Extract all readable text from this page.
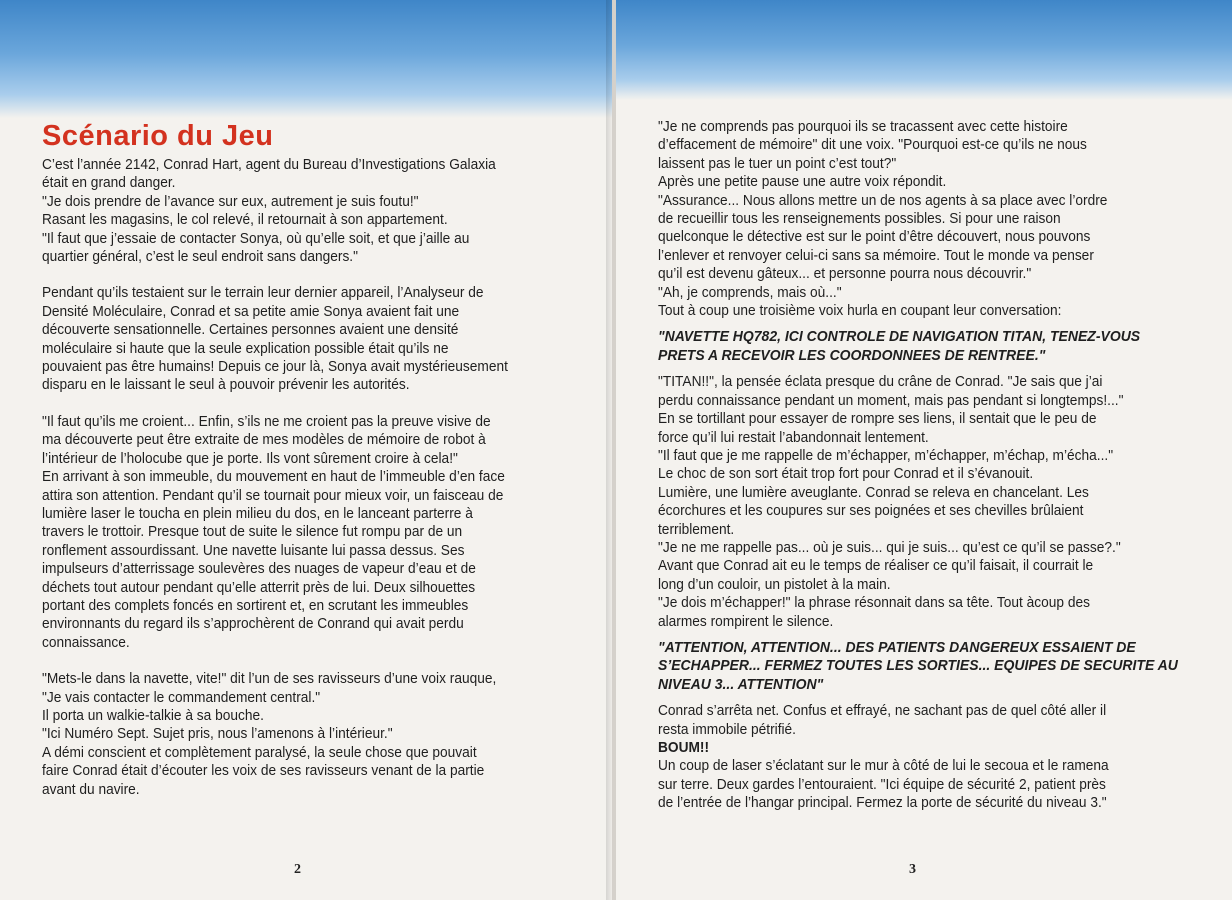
Scénario du Jeu

C’est l’année 2142, Conrad Hart, agent du Bureau d’Investigations Galaxia

était en grand danger.

"Je dois prendre de l’avance sur eux, autrement je suis foutu!"

Rasant les magasins, le col relevé, il retournait à son appartement.

"Il faut que j’essaie de contacter Sonya, où qu’elle soit, et que j’aille au

quartier général, c’est le seul endroit sans dangers."

Pendant qu’ils testaient sur le terrain leur dernier appareil, l’Analyseur de

Densité Moléculaire, Conrad et sa petite amie Sonya avaient fait une

découverte sensationnelle. Certaines personnes avaient une densité

moléculaire si haute que la seule explication possible était qu’ils ne

pouvaient pas être humains! Depuis ce jour là, Sonya avait mystérieusement

disparu en le laissant le seul à pouvoir prévenir les autorités.

"Il faut qu’ils me croient... Enfin, s’ils ne me croient pas la preuve visive de

ma découverte peut être extraite de mes modèles de mémoire de robot à

l’intérieur de l’holocube que je porte. Ils vont sûrement croire à cela!"

En arrivant à son immeuble, du mouvement en haut de l’immeuble d’en face

attira son attention. Pendant qu’il se tournait pour mieux voir, un faisceau de

lumière laser le toucha en plein milieu du dos, en le lanceant parterre à

travers le trottoir. Presque tout de suite le silence fut rompu par de un

ronflement assourdissant. Une navette luisante lui passa dessus. Ses

impulseurs d’atterrissage soulevères des nuages de vapeur d’eau et de

déchets tout autour pendant qu’elle atterrit près de lui. Deux silhouettes

portant des complets foncés en sortirent et, en scrutant les immeubles

environnants du regard ils s’approchèrent de Conrand qui avait perdu

connaissance.

"Mets-le dans la navette, vite!" dit l’un de ses ravisseurs d’une voix rauque,

"Je vais contacter le commandement central."

Il porta un walkie-talkie à sa bouche.

"Ici Numéro Sept. Sujet pris, nous l’amenons à l’intérieur."

A démi conscient et complètement paralysé, la seule chose que pouvait

faire Conrad était d’écouter les voix de ses ravisseurs venant de la partie

avant du navire.

2

"Je ne comprends pas pourquoi ils se tracassent avec cette histoire

d’effacement de mémoire" dit une voix. "Pourquoi est-ce qu’ils ne nous

laissent pas le tuer un point c’est tout?"

Après une petite pause une autre voix répondit.

"Assurance... Nous allons mettre un de nos agents à sa place avec l’ordre

de recueillir tous les renseignements possibles. Si pour une raison

quelconque le détective est sur le point d’être découvert, nous pouvons

l’enlever et renvoyer celui-ci sans sa mémoire. Tout le monde va penser

qu’il est devenu gâteux... et personne pourra nous découvrir."

"Ah, je comprends, mais où..."

Tout à coup une troisième voix hurla en coupant leur conversation:

"NAVETTE HQ782, ICI CONTROLE DE NAVIGATION TITAN, TENEZ-VOUS

PRETS A RECEVOIR LES COORDONNEES DE RENTREE."

"TITAN!!", la pensée éclata presque du crâne de Conrad. "Je sais que j’ai

perdu connaissance pendant un moment, mais pas pendant si longtemps!..."

En se tortillant pour essayer de rompre ses liens, il sentait que le peu de

force qu’il lui restait l’abandonnait lentement.

"Il faut que je me rappelle de m’échapper, m’échapper, m’échap, m’écha..."

Le choc de son sort était trop fort pour Conrad et il s’évanouit.

Lumière, une lumière aveuglante. Conrad se releva en chancelant. Les

écorchures et les coupures sur ses poignées et ses chevilles brûlaient

terriblement.

"Je ne me rappelle pas... où je suis... qui je suis... qu’est ce qu’il se passe?."

Avant que Conrad ait eu le temps de réaliser ce qu’il faisait, il courrait le

long d’un couloir, un pistolet à la main.

"Je dois m’échapper!" la phrase résonnait dans sa tête. Tout àcoup des

alarmes rompirent le silence.

"ATTENTION, ATTENTION... DES PATIENTS DANGEREUX ESSAIENT DE

S’ECHAPPER... FERMEZ TOUTES LES SORTIES... EQUIPES DE SECURITE AU

NIVEAU 3... ATTENTION"

Conrad s’arrêta net. Confus et effrayé, ne sachant pas de quel côté aller il

resta immobile pétrifié.

BOUM!!

Un coup de laser s’éclatant sur le mur à côté de lui le secoua et le ramena

sur terre. Deux gardes l’entouraient. "Ici équipe de sécurité 2, patient près

de l’entrée de l’hangar principal. Fermez la porte de sécurité du niveau 3."

3
